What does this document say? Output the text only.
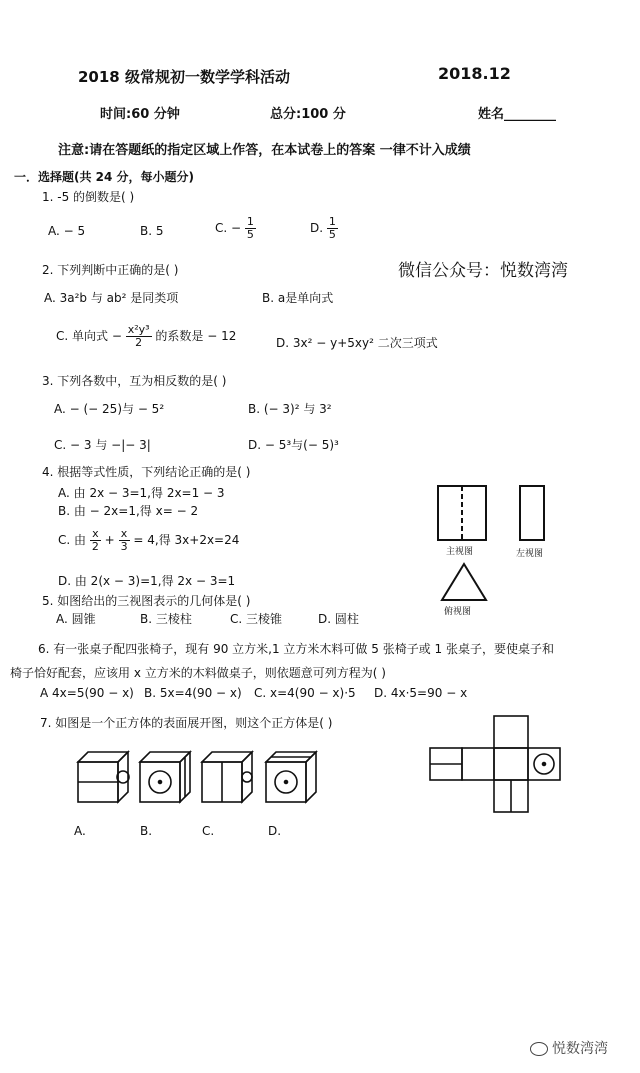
2018 级常规初一数学学科活动	2018.12
时间:60 分钟	总分:100 分	姓名________
注意:请在答题纸的指定区域上作答，在本试卷上的答案 一律不计入成绩
一．选择题(共 24 分，每小题分)
1. -5 的倒数是( )
A. − 5	B. 5	C. − $\frac{1}{5}$	D. $\frac{1}{5}$
微信公众号：悦数湾湾
2. 下列判断中正确的是( )
A. 3a²b 与 ab² 是同类项	B. a是单向式
C. 单向式 − $\frac{\text{x²y³}}{2}$ 的系数是 − 12	D. 3x² − y+5xy² 二次三项式
3. 下列各数中，互为相反数的是( )
A. − (− 25)与 − 5²	B. (− 3)² 与 3²
C. − 3 与 −|− 3|	D. − 5³与(− 5)³
4. 根据等式性质，下列结论正确的是( )
A. 由 2x − 3=1,得 2x=1 − 3
B. 由 − 2x=1,得 x= − 2
C. 由 $\frac{x}{2} + \frac{x}{3} = 4$,得 3x+2x=24
D. 由 2(x − 3)=1,得 2x − 3=1
5. 如图给出的三视图表示的几何体是( )
A. 圆锥	B. 三棱柱	C. 三棱锥	D. 圆柱
主视图	左视图
俯视图
6. 有一张桌子配四张椅子，现有 90 立方米,1 立方米木料可做 5 张椅子或 1 张桌子，要使桌子和
椅子恰好配套，应该用 x 立方米的木料做桌子，则依题意可列方程为( )
A 4x=5(90 − x) B. 5x=4(90 − x) C. x=4(90 − x)·5 D. 4x·5=90 − x
7. 如图是一个正方体的表面展开图，则这个正方体是( )
A.	B.	C.	D.
悦数湾湾
